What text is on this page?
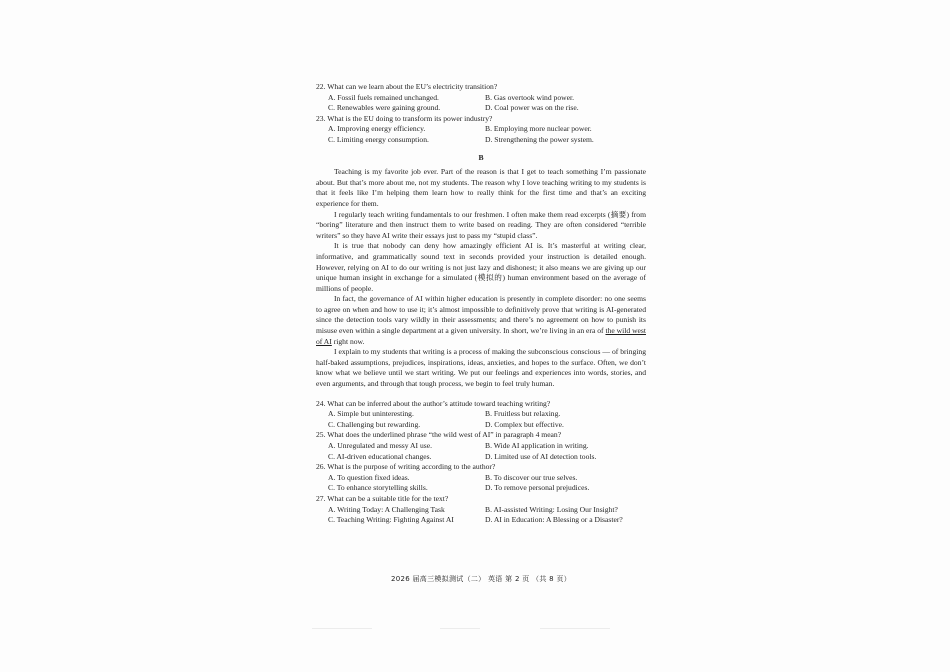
22. What can we learn about the EU’s electricity transition?

A. Fossil fuels remained unchanged.	B. Gas overtook wind power.
C. Renewables were gaining ground.	D. Coal power was on the rise.

23. What is the EU doing to transform its power industry?

A. Improving energy efficiency.	B. Employing more nuclear power.
C. Limiting energy consumption.	D. Strengthening the power system.
B

Teaching is my favorite job ever. Part of the reason is that I get to teach something I’m passionate about. But that’s more about me, not my students. The reason why I love teaching writing to my students is that it feels like I’m helping them learn how to really think for the first time and that’s an exciting experience for them.

I regularly teach writing fundamentals to our freshmen. I often make them read excerpts (摘要) from “boring” literature and then instruct them to write based on reading. They are often considered “terrible writers” so they have AI write their essays just to pass my “stupid class”.

It is true that nobody can deny how amazingly efficient AI is. It’s masterful at writing clear, informative, and grammatically sound text in seconds provided your instruction is detailed enough. However, relying on AI to do our writing is not just lazy and dishonest; it also means we are giving up our unique human insight in exchange for a simulated (模拟的) human environment based on the average of millions of people.

In fact, the governance of AI within higher education is presently in complete disorder: no one seems to agree on when and how to use it; it’s almost impossible to definitively prove that writing is AI-generated since the detection tools vary wildly in their assessments; and there’s no agreement on how to punish its misuse even within a single department at a given university. In short, we’re living in an era of the wild west of AI right now.

I explain to my students that writing is a process of making the subconscious conscious — of bringing half-baked assumptions, prejudices, inspirations, ideas, anxieties, and hopes to the surface. Often, we don’t know what we believe until we start writing. We put our feelings and experiences into words, stories, and even arguments, and through that tough process, we begin to feel truly human.

24. What can be inferred about the author’s attitude toward teaching writing?

A. Simple but uninteresting.	B. Fruitless but relaxing.
C. Challenging but rewarding.	D. Complex but effective.

25. What does the underlined phrase “the wild west of AI” in paragraph 4 mean?

A. Unregulated and messy AI use.	B. Wide AI application in writing.
C. AI-driven educational changes.	D. Limited use of AI detection tools.

26. What is the purpose of writing according to the author?

A. To question fixed ideas.	B. To discover our true selves.
C. To enhance storytelling skills.	D. To remove personal prejudices.

27. What can be a suitable title for the text?

A. Writing Today: A Challenging Task	B. AI-assisted Writing: Losing Our Insight?
C. Teaching Writing: Fighting Against AI	D. AI in Education: A Blessing or a Disaster?
2026 届高三模拟测试（二） 英语 第 2 页 （共 8 页）
